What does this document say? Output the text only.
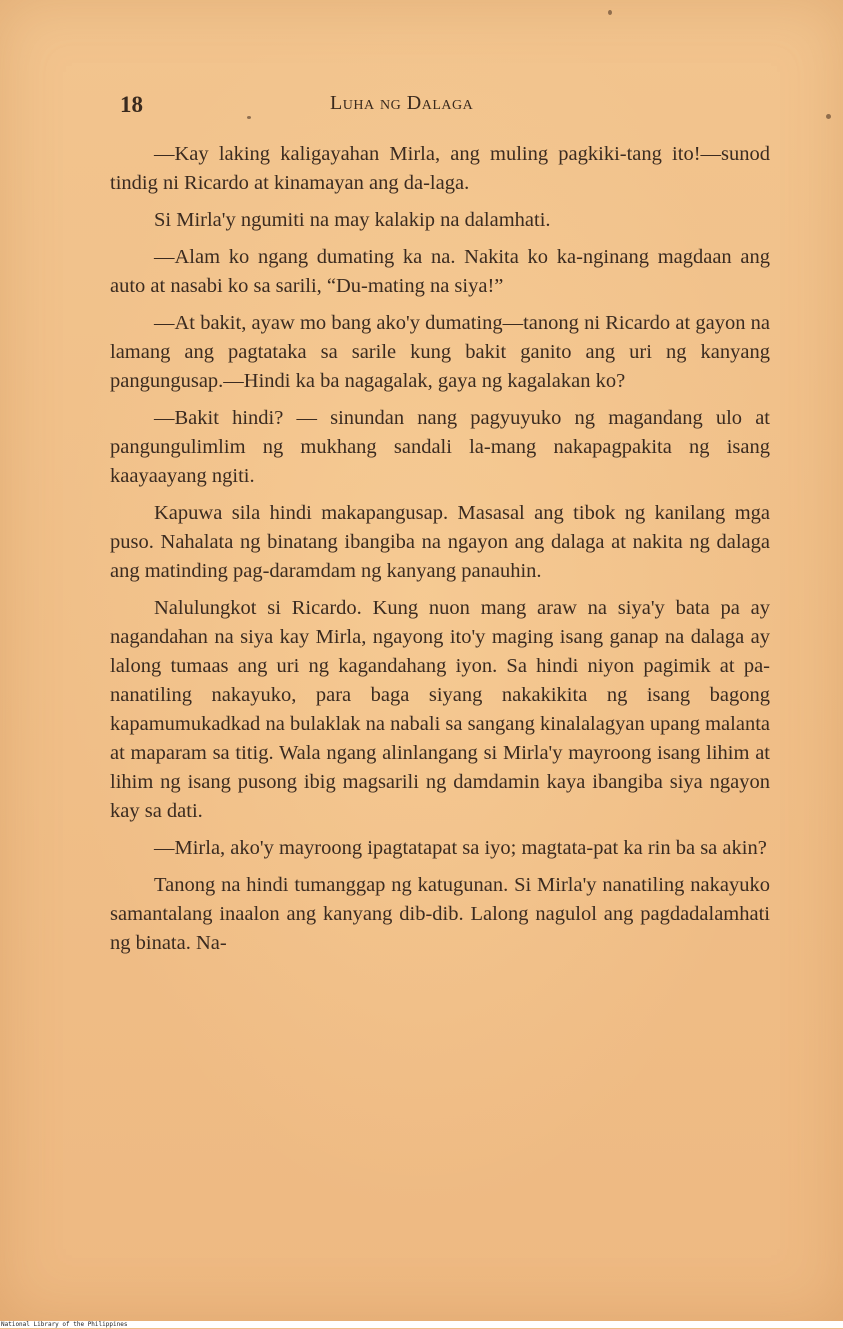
18	Luha ng Dalaga

—Kay laking kaligayahan Mirla, ang muling pagkiki-tang ito!—sunod tindig ni Ricardo at kinamayan ang da-laga.

Si Mirla'y ngumiti na may kalakip na dalamhati.

—Alam ko ngang dumating ka na. Nakita ko ka-nginang magdaan ang auto at nasabi ko sa sarili, “Du-mating na siya!”

—At bakit, ayaw mo bang ako'y dumating—tanong ni Ricardo at gayon na lamang ang pagtataka sa sarile kung bakit ganito ang uri ng kanyang pangungusap.—Hindi ka ba nagagalak, gaya ng kagalakan ko?

—Bakit hindi? — sinundan nang pagyuyuko ng magandang ulo at pangungulimlim ng mukhang sandali la-mang nakapagpakita ng isang kaayaayang ngiti.

Kapuwa sila hindi makapangusap. Masasal ang tibok ng kanilang mga puso. Nahalata ng binatang ibangiba na ngayon ang dalaga at nakita ng dalaga ang matinding pag-daramdam ng kanyang panauhin.

Nalulungkot si Ricardo. Kung nuon mang araw na siya'y bata pa ay nagandahan na siya kay Mirla, ngayong ito'y maging isang ganap na dalaga ay lalong tumaas ang uri ng kagandahang iyon. Sa hindi niyon pagimik at pa-nanatiling nakayuko, para baga siyang nakakikita ng isang bagong kapamumukadkad na bulaklak na nabali sa sangang kinalalagyan upang malanta at maparam sa titig. Wala ngang alinlangang si Mirla'y mayroong isang lihim at lihim ng isang pusong ibig magsarili ng damdamin kaya ibangiba siya ngayon kay sa dati.

—Mirla, ako'y mayroong ipagtatapat sa iyo; magtata-pat ka rin ba sa akin?

Tanong na hindi tumanggap ng katugunan. Si Mirla'y nanatiling nakayuko samantalang inaalon ang kanyang dib-dib. Lalong nagulol ang pagdadalamhati ng binata. Na-

National Library of the Philippines
